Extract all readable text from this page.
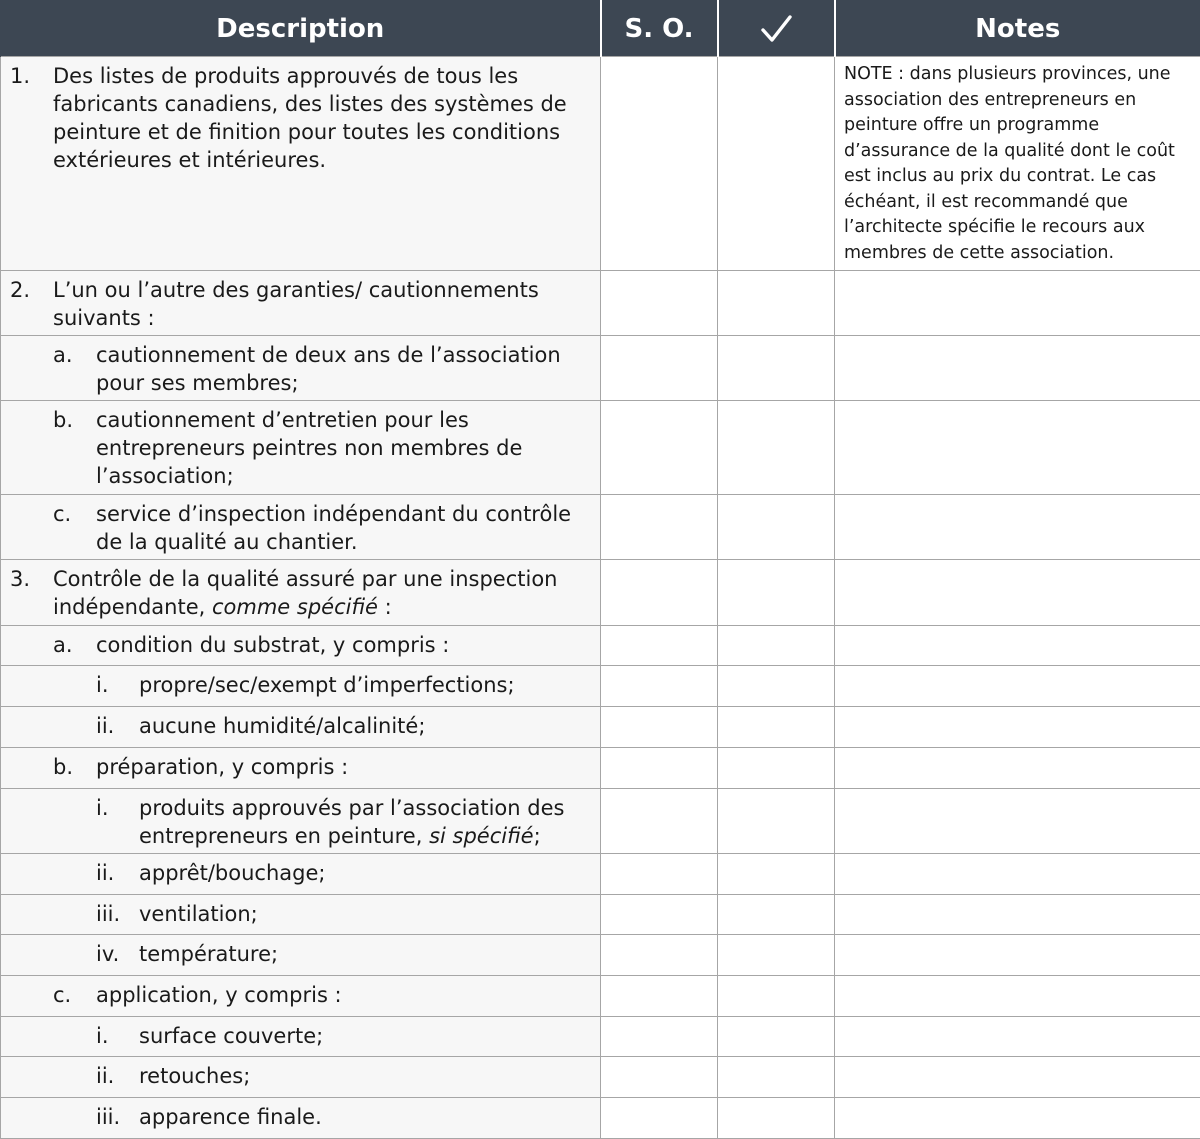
Description	S. O.		Notes

1. Des listes de produits approuvés de tous les fabricants canadiens, des listes des systèmes de peinture et de finition pour toutes les conditions extérieures et intérieures.			NOTE : dans plusieurs provinces, une association des entrepreneurs en peinture offre un programme d’assurance de la qualité dont le coût est inclus au prix du contrat. Le cas échéant, il est recommandé que l’architecte spécifie le recours aux membres de cette association.

2. L’un ou l’autre des garanties/ cautionnements suivants :			

a. cautionnement de deux ans de l’association pour ses membres;			

b. cautionnement d’entretien pour les entrepreneurs peintres non membres de l’association;			

c. service d’inspection indépendant du contrôle de la qualité au chantier.			

3. Contrôle de la qualité assuré par une inspection indépendante, comme spécifié :			

a. condition du substrat, y compris :			

i. propre/sec/exempt d’imperfections;			

ii. aucune humidité/alcalinité;			

b. préparation, y compris :			

i. produits approuvés par l’association des entrepreneurs en peinture, si spécifié;			

ii. apprêt/bouchage;			

iii. ventilation;			

iv. température;			

c. application, y compris :			

i. surface couverte;			

ii. retouches;			

iii. apparence finale.			
